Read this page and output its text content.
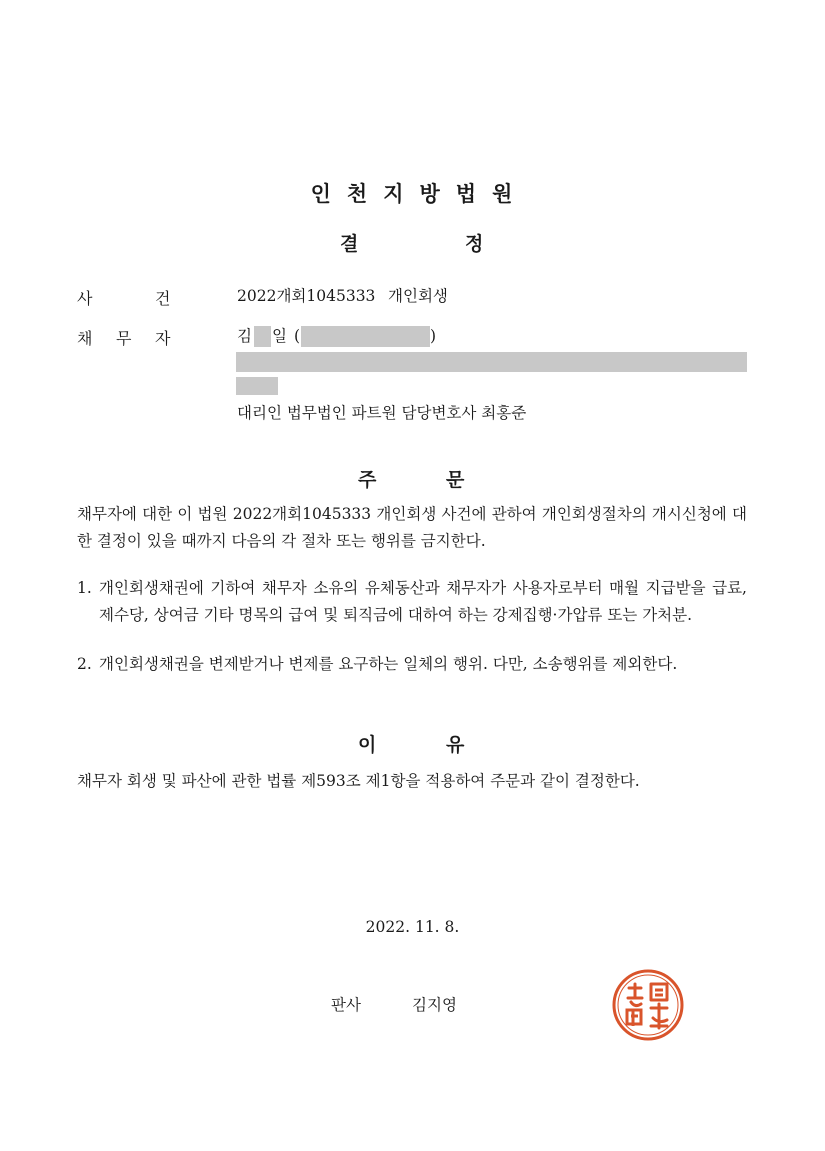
인 천 지 방 법 원
결	정
사	건	2022개회1045333 개인회생
채 무 자	김 일 (	)
대리인 법무법인 파트원 담당변호사 최홍준
주	문
채무자에 대한 이 법원 2022개회1045333 개인회생 사건에 관하여 개인회생절차의 개시신청에 대한 결정이 있을 때까지 다음의 각 절차 또는 행위를 금지한다.
1. 개인회생채권에 기하여 채무자 소유의 유체동산과 채무자가 사용자로부터 매월 지급받을 급료, 제수당, 상여금 기타 명목의 급여 및 퇴직금에 대하여 하는 강제집행·가압류 또는 가처분.
2. 개인회생채권을 변제받거나 변제를 요구하는 일체의 행위. 다만, 소송행위를 제외한다.
이	유
채무자 회생 및 파산에 관한 법률 제593조 제1항을 적용하여 주문과 같이 결정한다.
2022. 11. 8.
판사	김지영
